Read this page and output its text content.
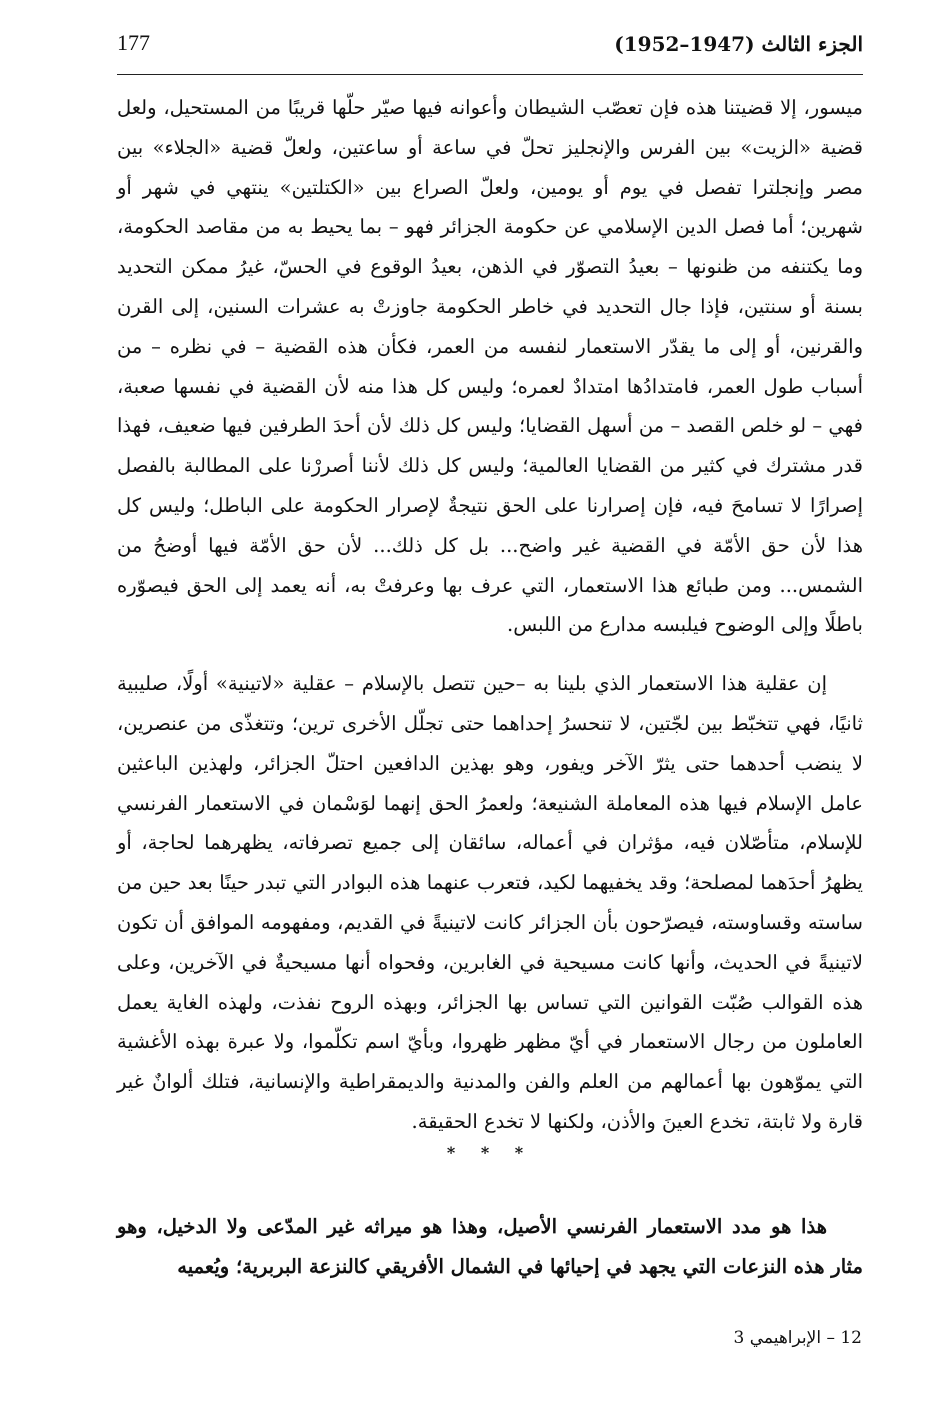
177	الجزء الثالث (1947–1952)

ميسور، إلا قضيتنا هذه فإن تعصّب الشيطان وأعوانه فيها صيّر حلّها قريبًا من المستحيل، ولعل قضية «الزيت» بين الفرس والإنجليز تحلّ في ساعة أو ساعتين، ولعلّ قضية «الجلاء» بين مصر وإنجلترا تفصل في يوم أو يومين، ولعلّ الصراع بين «الكتلتين» ينتهي في شهر أو شهرين؛ أما فصل الدين الإسلامي عن حكومة الجزائر فهو – بما يحيط به من مقاصد الحكومة، وما يكتنفه من ظنونها – بعيدُ التصوّر في الذهن، بعيدُ الوقوع في الحسّ، غيرُ ممكن التحديد بسنة أو سنتين، فإذا جال التحديد في خاطر الحكومة جاوزتْ به عشرات السنين، إلى القرن والقرنين، أو إلى ما يقدّر الاستعمار لنفسه من العمر، فكأن هذه القضية – في نظره – من أسباب طول العمر، فامتدادُها امتدادٌ لعمره؛ وليس كل هذا منه لأن القضية في نفسها صعبة، فهي – لو خلص القصد – من أسهل القضايا؛ وليس كل ذلك لأن أحدَ الطرفين فيها ضعيف، فهذا قدر مشترك في كثير من القضايا العالمية؛ وليس كل ذلك لأننا أصررْنا على المطالبة بالفصل إصرارًا لا تسامحَ فيه، فإن إصرارنا على الحق نتيجةٌ لإصرار الحكومة على الباطل؛ وليس كل هذا لأن حق الأمّة في القضية غير واضح... بل كل ذلك... لأن حق الأمّة فيها أوضحُ من الشمس... ومن طبائع هذا الاستعمار، التي عرف بها وعرفتْ به، أنه يعمد إلى الحق فيصوّره باطلًا وإلى الوضوح فيلبسه مدارع من اللبس.

إن عقلية هذا الاستعمار الذي بلينا به –حين تتصل بالإسلام – عقلية «لاتينية» أولًا، صليبية ثانيًا، فهي تتخبّط بين لجّتين، لا تنحسرُ إحداهما حتى تجلّل الأخرى ترين؛ وتتغذّى من عنصرين، لا ينضب أحدهما حتى يثرّ الآخر ويفور، وهو بهذين الدافعين احتلّ الجزائر، ولهذين الباعثين عامل الإسلام فيها هذه المعاملة الشنيعة؛ ولعمرُ الحق إنهما لوَسْمان في الاستعمار الفرنسي للإسلام، متأصّلان فيه، مؤثران في أعماله، سائقان إلى جميع تصرفاته، يظهرهما لحاجة، أو يظهرُ أحدَهما لمصلحة؛ وقد يخفيهما لكيد، فتعرب عنهما هذه البوادر التي تبدر حينًا بعد حين من ساسته وقساوسته، فيصرّحون بأن الجزائر كانت لاتينيةً في القديم، ومفهومه الموافق أن تكون لاتينيةً في الحديث، وأنها كانت مسيحية في الغابرين، وفحواه أنها مسيحيةٌ في الآخرين، وعلى هذه القوالب صُبّت القوانين التي تساس بها الجزائر، وبهذه الروح نفذت، ولهذه الغاية يعمل العاملون من رجال الاستعمار في أيّ مظهر ظهروا، وبأيّ اسم تكلّموا، ولا عبرة بهذه الأغشية التي يموّهون بها أعمالهم من العلم والفن والمدنية والديمقراطية والإنسانية، فتلك ألوانٌ غير قارة ولا ثابتة، تخدع العينَ والأذن، ولكنها لا تخدع الحقيقة.

* * *
هذا هو مدد الاستعمار الفرنسي الأصيل، وهذا هو ميراثه غير المدّعى ولا الدخيل، وهو مثار هذه النزعات التي يجهد في إحيائها في الشمال الأفريقي كالنزعة البربرية؛ ويُعميه
12 – الإبراهيمي 3
